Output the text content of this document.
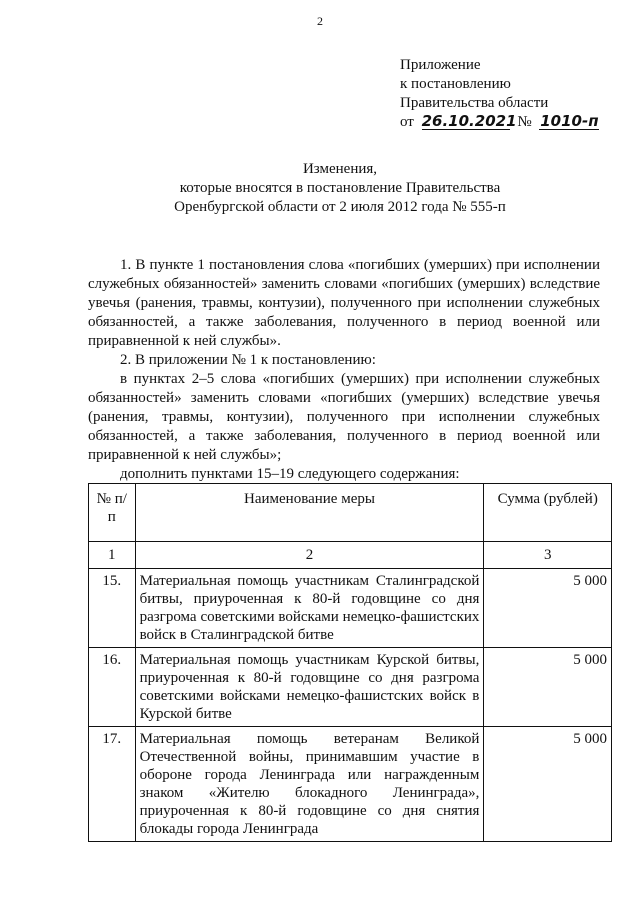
2
Приложение
к постановлению
Правительства области
от 26.10.2021 № 1010-п
Изменения,
которые вносятся в постановление Правительства
Оренбургской области от 2 июля 2012 года № 555-п

1. В пункте 1 постановления слова «погибших (умерших) при исполнении служебных обязанностей» заменить словами «погибших (умерших) вследствие увечья (ранения, травмы, контузии), полученного при исполнении служебных обязанностей, а также заболевания, полученного в период военной или приравненной к ней службы».

2. В приложении № 1 к постановлению:

в пунктах 2–5 слова «погибших (умерших) при исполнении служебных обязанностей» заменить словами «погибших (умерших) вследствие увечья (ранения, травмы, контузии), полученного при исполнении служебных обязанностей, а также заболевания, полученного в период военной или приравненной к ней службы»;

дополнить пунктами 15–19 следующего содержания:

№ п/п	Наименование меры	Сумма (рублей)
1	2	3
15.	Материальная помощь участникам Сталинградской битвы, приуроченная к 80-й годовщине со дня разгрома советскими войсками немецко-фашистских войск в Сталинградской битве	5 000
16.	Материальная помощь участникам Курской битвы, приуроченная к 80-й годовщине со дня разгрома советскими войсками немецко-фашистских войск в Курской битве	5 000
17.	Материальная помощь ветеранам Великой Отечественной войны, принимавшим участие в обороне города Ленинграда или награжденным знаком «Жителю блокадного Ленинграда», приуроченная к 80-й годовщине со дня снятия блокады города Ленинграда	5 000
